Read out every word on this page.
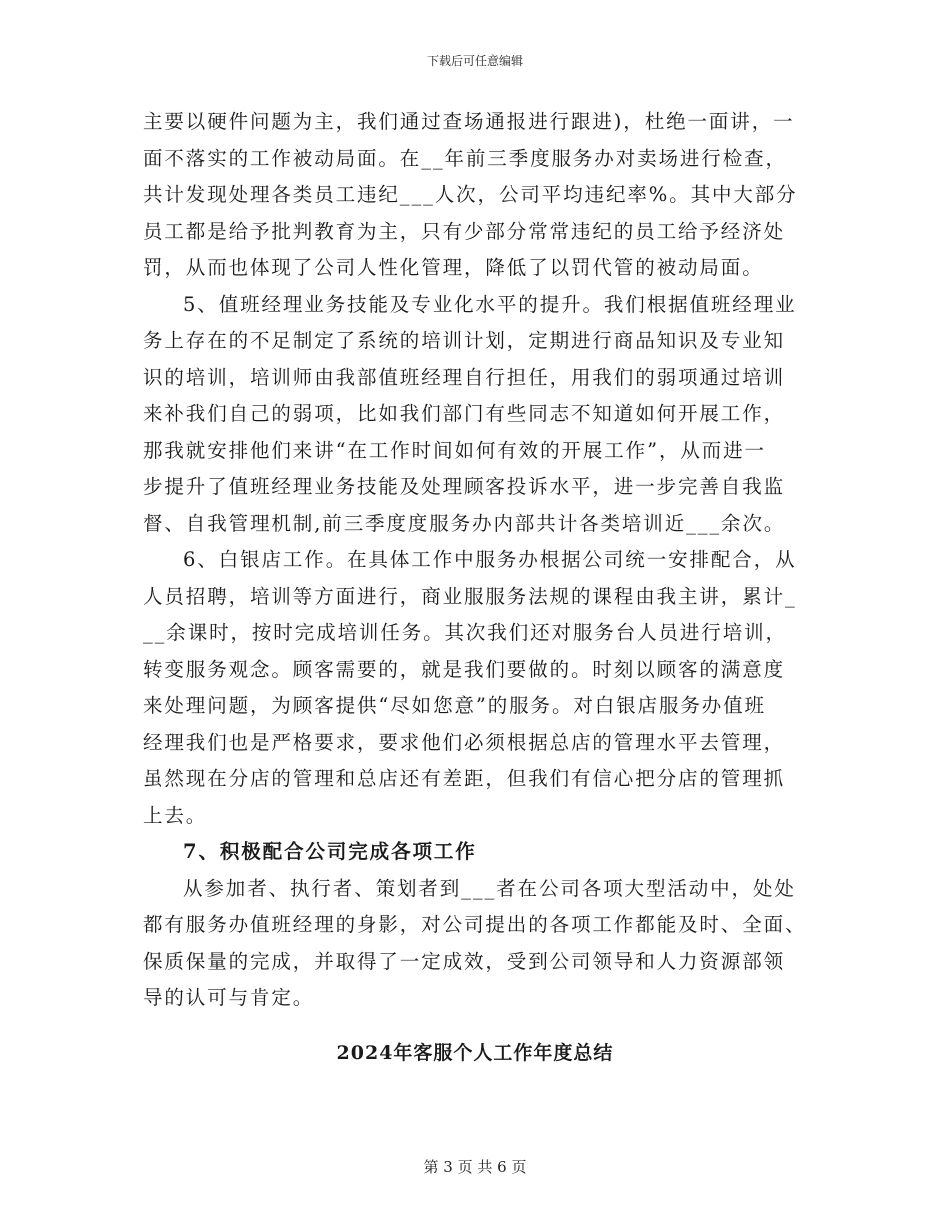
下载后可任意编辑
主要以硬件问题为主，我们通过查场通报进行跟进)，杜绝一面讲，一
面不落实的工作被动局面。在__年前三季度服务办对卖场进行检查，
共计发现处理各类员工违纪___人次，公司平均违纪率%。其中大部分
员工都是给予批判教育为主，只有少部分常常违纪的员工给予经济处
罚，从而也体现了公司人性化管理，降低了以罚代管的被动局面。
5、值班经理业务技能及专业化水平的提升。我们根据值班经理业
务上存在的不足制定了系统的培训计划，定期进行商品知识及专业知
识的培训，培训师由我部值班经理自行担任，用我们的弱项通过培训
来补我们自己的弱项，比如我们部门有些同志不知道如何开展工作，
那我就安排他们来讲“在工作时间如何有效的开展工作”，从而进一
步提升了值班经理业务技能及处理顾客投诉水平，进一步完善自我监
督、自我管理机制,前三季度度服务办内部共计各类培训近___余次。
6、白银店工作。在具体工作中服务办根据公司统一安排配合，从
人员招聘，培训等方面进行，商业服服务法规的课程由我主讲，累计_
__余课时，按时完成培训任务。其次我们还对服务台人员进行培训，
转变服务观念。顾客需要的，就是我们要做的。时刻以顾客的满意度
来处理问题，为顾客提供“尽如您意”的服务。对白银店服务办值班
经理我们也是严格要求，要求他们必须根据总店的管理水平去管理，
虽然现在分店的管理和总店还有差距，但我们有信心把分店的管理抓
上去。
7、积极配合公司完成各项工作
从参加者、执行者、策划者到___者在公司各项大型活动中，处处
都有服务办值班经理的身影，对公司提出的各项工作都能及时、全面、
保质保量的完成，并取得了一定成效，受到公司领导和人力资源部领
导的认可与肯定。
2024年客服个人工作年度总结
第 3 页 共 6 页
